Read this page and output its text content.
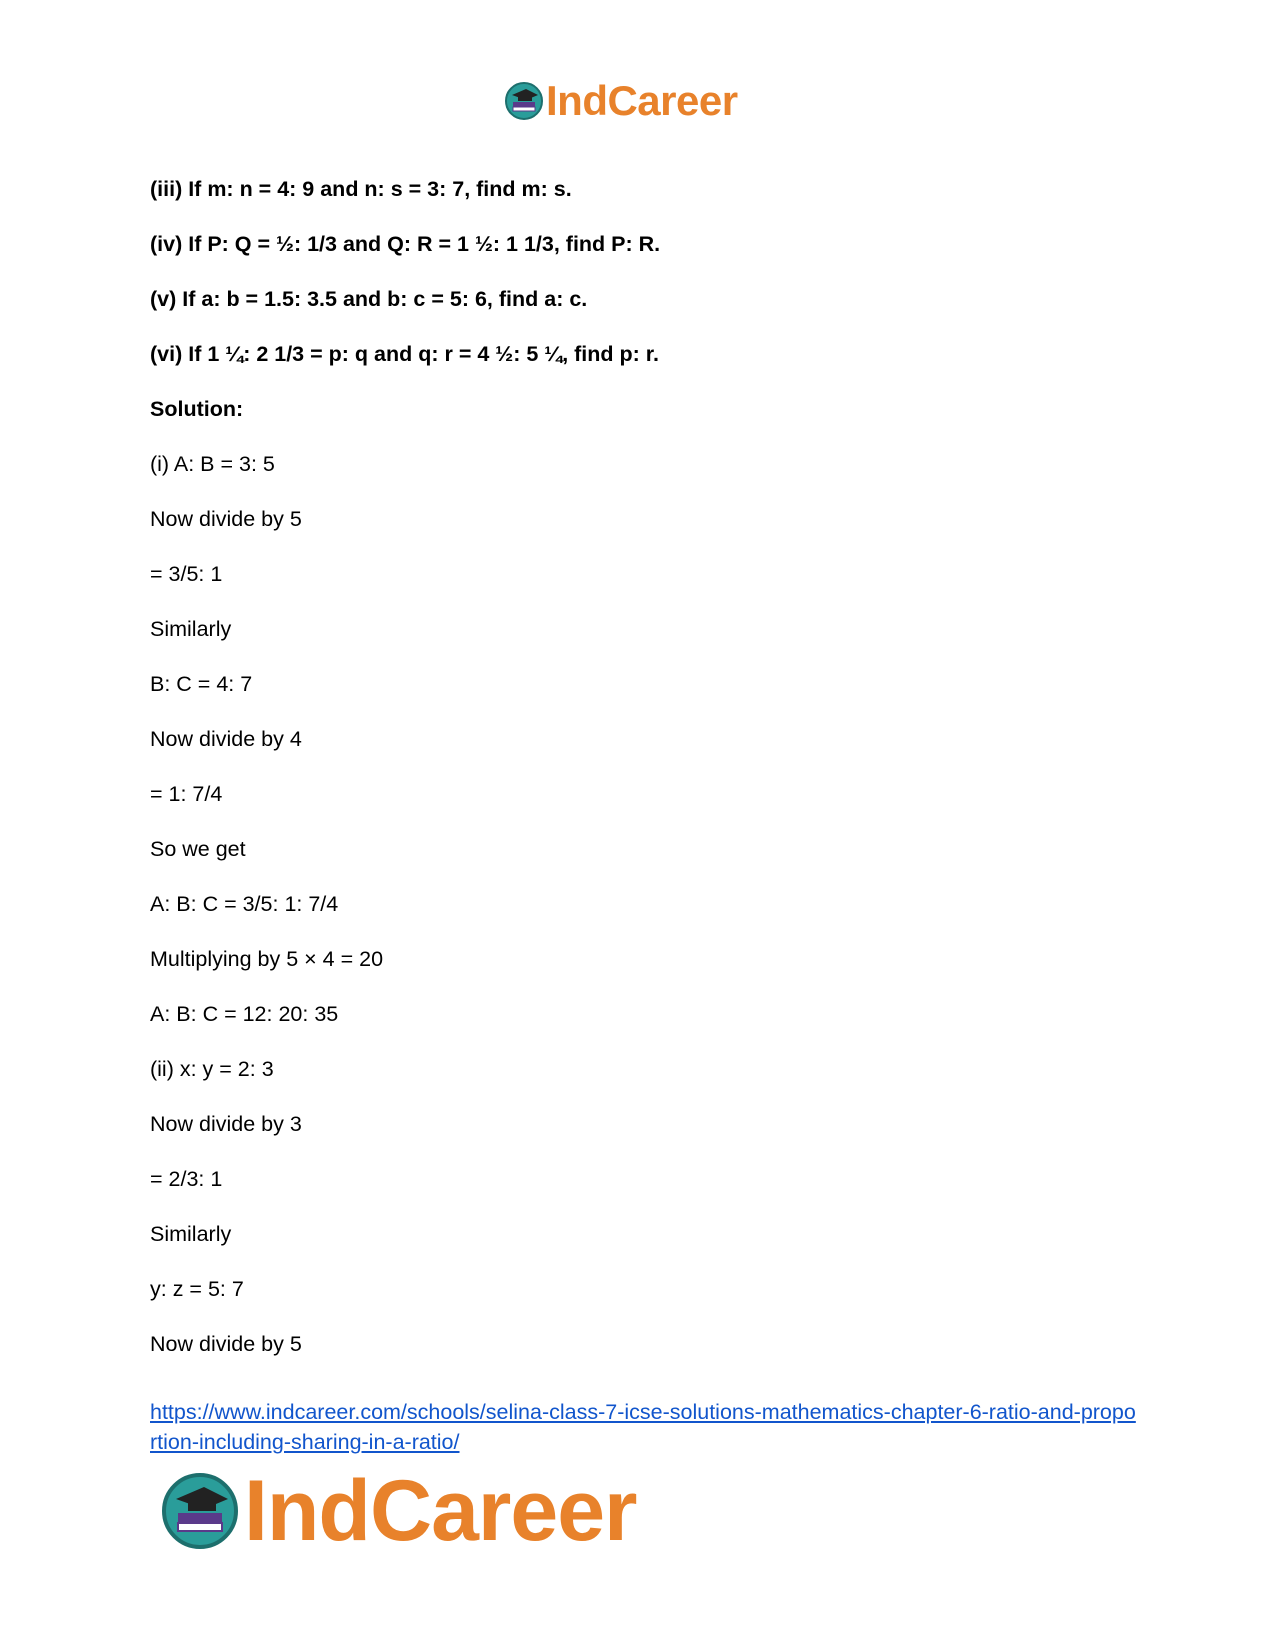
IndCareer
(iii) If m: n = 4: 9 and n: s = 3: 7, find m: s.
(iv) If P: Q = ½: 1/3 and Q: R = 1 ½: 1 1/3, find P: R.
(v) If a: b = 1.5: 3.5 and b: c = 5: 6, find a: c.
(vi) If 1 ¼: 2 1/3 = p: q and q: r = 4 ½: 5 ¼, find p: r.
Solution:
(i) A: B = 3: 5
Now divide by 5
= 3/5: 1
Similarly
B: C = 4: 7
Now divide by 4
= 1: 7/4
So we get
A: B: C = 3/5: 1: 7/4
Multiplying by 5 × 4 = 20
A: B: C = 12: 20: 35
(ii) x: y = 2: 3
Now divide by 3
= 2/3: 1
Similarly
y: z = 5: 7
Now divide by 5
https://www.indcareer.com/schools/selina-class-7-icse-solutions-mathematics-chapter-6-ratio-and-proportion-including-sharing-in-a-ratio/
IndCareer
